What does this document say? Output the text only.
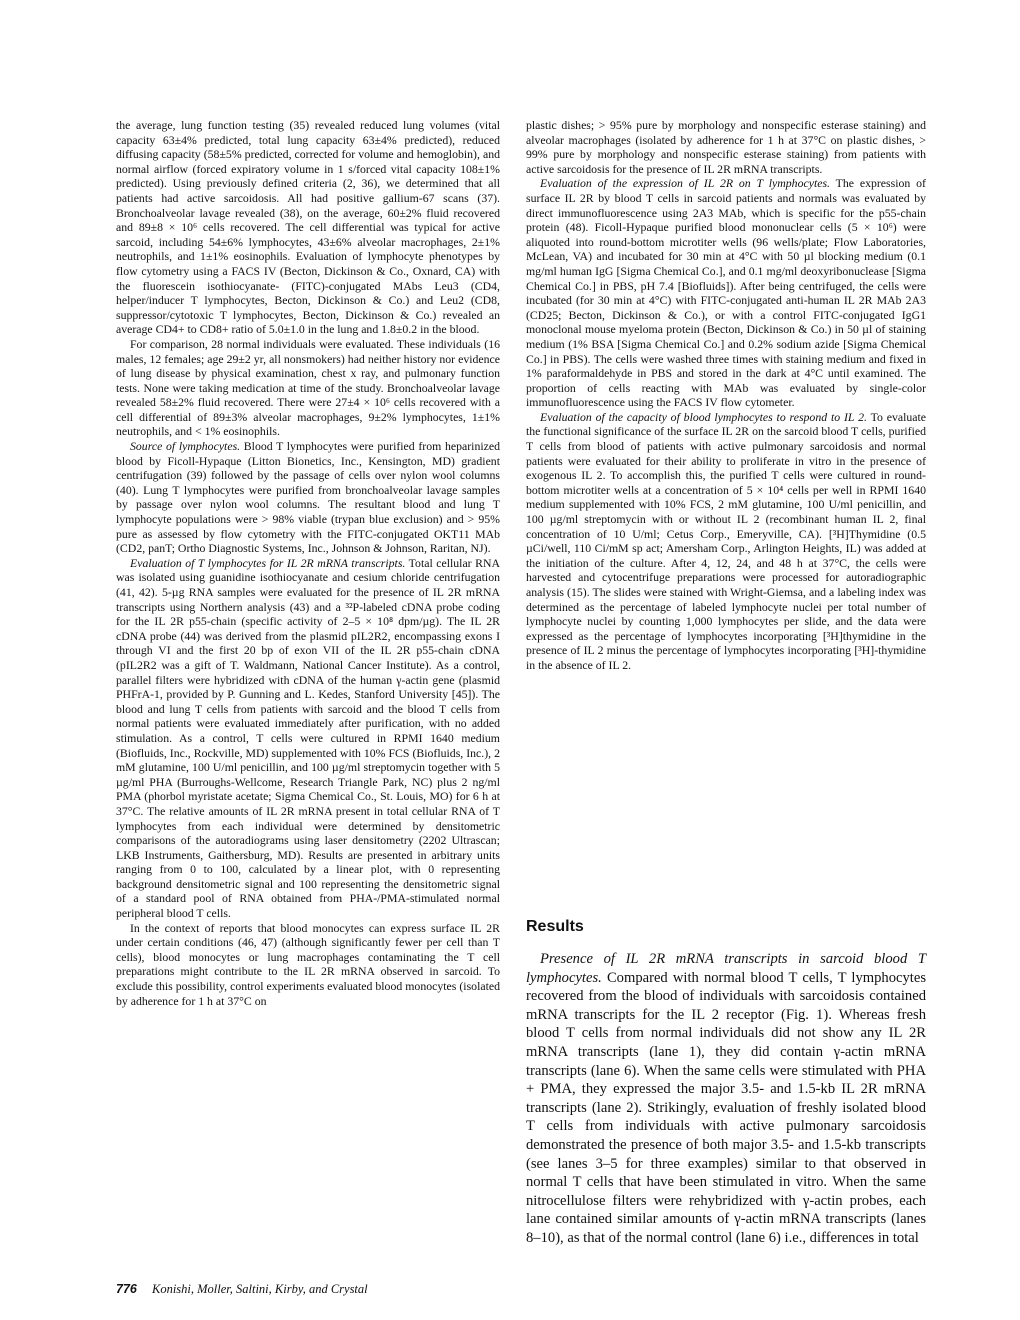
the average, lung function testing (35) revealed reduced lung volumes (vital capacity 63±4% predicted, total lung capacity 63±4% predicted), reduced diffusing capacity (58±5% predicted, corrected for volume and hemoglobin), and normal airflow (forced expiratory volume in 1 s/forced vital capacity 108±1% predicted). Using previously defined criteria (2, 36), we determined that all patients had active sarcoidosis. All had positive gallium-67 scans (37). Bronchoalveolar lavage revealed (38), on the average, 60±2% fluid recovered and 89±8 × 10⁶ cells recovered. The cell differential was typical for active sarcoid, including 54±6% lymphocytes, 43±6% alveolar macrophages, 2±1% neutrophils, and 1±1% eosinophils. Evaluation of lymphocyte phenotypes by flow cytometry using a FACS IV (Becton, Dickinson & Co., Oxnard, CA) with the fluorescein isothiocyanate- (FITC)-conjugated MAbs Leu3 (CD4, helper/inducer T lymphocytes, Becton, Dickinson & Co.) and Leu2 (CD8, suppressor/cytotoxic T lymphocytes, Becton, Dickinson & Co.) revealed an average CD4+ to CD8+ ratio of 5.0±1.0 in the lung and 1.8±0.2 in the blood.

For comparison, 28 normal individuals were evaluated. These individuals (16 males, 12 females; age 29±2 yr, all nonsmokers) had neither history nor evidence of lung disease by physical examination, chest x ray, and pulmonary function tests. None were taking medication at time of the study. Bronchoalveolar lavage revealed 58±2% fluid recovered. There were 27±4 × 10⁶ cells recovered with a cell differential of 89±3% alveolar macrophages, 9±2% lymphocytes, 1±1% neutrophils, and < 1% eosinophils.

Source of lymphocytes. Blood T lymphocytes were purified from heparinized blood by Ficoll-Hypaque (Litton Bionetics, Inc., Kensington, MD) gradient centrifugation (39) followed by the passage of cells over nylon wool columns (40). Lung T lymphocytes were purified from bronchoalveolar lavage samples by passage over nylon wool columns. The resultant blood and lung T lymphocyte populations were > 98% viable (trypan blue exclusion) and > 95% pure as assessed by flow cytometry with the FITC-conjugated OKT11 MAb (CD2, panT; Ortho Diagnostic Systems, Inc., Johnson & Johnson, Raritan, NJ).

Evaluation of T lymphocytes for IL 2R mRNA transcripts. Total cellular RNA was isolated using guanidine isothiocyanate and cesium chloride centrifugation (41, 42). 5-µg RNA samples were evaluated for the presence of IL 2R mRNA transcripts using Northern analysis (43) and a ³²P-labeled cDNA probe coding for the IL 2R p55-chain (specific activity of 2–5 × 10⁸ dpm/µg). The IL 2R cDNA probe (44) was derived from the plasmid pIL2R2, encompassing exons I through VI and the first 20 bp of exon VII of the IL 2R p55-chain cDNA (pIL2R2 was a gift of T. Waldmann, National Cancer Institute). As a control, parallel filters were hybridized with cDNA of the human γ-actin gene (plasmid PHFrA-1, provided by P. Gunning and L. Kedes, Stanford University [45]). The blood and lung T cells from patients with sarcoid and the blood T cells from normal patients were evaluated immediately after purification, with no added stimulation. As a control, T cells were cultured in RPMI 1640 medium (Biofluids, Inc., Rockville, MD) supplemented with 10% FCS (Biofluids, Inc.), 2 mM glutamine, 100 U/ml penicillin, and 100 µg/ml streptomycin together with 5 µg/ml PHA (Burroughs-Wellcome, Research Triangle Park, NC) plus 2 ng/ml PMA (phorbol myristate acetate; Sigma Chemical Co., St. Louis, MO) for 6 h at 37°C. The relative amounts of IL 2R mRNA present in total cellular RNA of T lymphocytes from each individual were determined by densitometric comparisons of the autoradiograms using laser densitometry (2202 Ultrascan; LKB Instruments, Gaithersburg, MD). Results are presented in arbitrary units ranging from 0 to 100, calculated by a linear plot, with 0 representing background densitometric signal and 100 representing the densitometric signal of a standard pool of RNA obtained from PHA-/PMA-stimulated normal peripheral blood T cells.

In the context of reports that blood monocytes can express surface IL 2R under certain conditions (46, 47) (although significantly fewer per cell than T cells), blood monocytes or lung macrophages contaminating the T cell preparations might contribute to the IL 2R mRNA observed in sarcoid. To exclude this possibility, control experiments evaluated blood monocytes (isolated by adherence for 1 h at 37°C on

plastic dishes; > 95% pure by morphology and nonspecific esterase staining) and alveolar macrophages (isolated by adherence for 1 h at 37°C on plastic dishes, > 99% pure by morphology and nonspecific esterase staining) from patients with active sarcoidosis for the presence of IL 2R mRNA transcripts.

Evaluation of the expression of IL 2R on T lymphocytes. The expression of surface IL 2R by blood T cells in sarcoid patients and normals was evaluated by direct immunofluorescence using 2A3 MAb, which is specific for the p55-chain protein (48). Ficoll-Hypaque purified blood mononuclear cells (5 × 10⁶) were aliquoted into round-bottom microtiter wells (96 wells/plate; Flow Laboratories, McLean, VA) and incubated for 30 min at 4°C with 50 µl blocking medium (0.1 mg/ml human IgG [Sigma Chemical Co.], and 0.1 mg/ml deoxyribonuclease [Sigma Chemical Co.] in PBS, pH 7.4 [Biofluids]). After being centrifuged, the cells were incubated (for 30 min at 4°C) with FITC-conjugated anti-human IL 2R MAb 2A3 (CD25; Becton, Dickinson & Co.), or with a control FITC-conjugated IgG1 monoclonal mouse myeloma protein (Becton, Dickinson & Co.) in 50 µl of staining medium (1% BSA [Sigma Chemical Co.] and 0.2% sodium azide [Sigma Chemical Co.] in PBS). The cells were washed three times with staining medium and fixed in 1% paraformaldehyde in PBS and stored in the dark at 4°C until examined. The proportion of cells reacting with MAb was evaluated by single-color immunofluorescence using the FACS IV flow cytometer.

Evaluation of the capacity of blood lymphocytes to respond to IL 2. To evaluate the functional significance of the surface IL 2R on the sarcoid blood T cells, purified T cells from blood of patients with active pulmonary sarcoidosis and normal patients were evaluated for their ability to proliferate in vitro in the presence of exogenous IL 2. To accomplish this, the purified T cells were cultured in round-bottom microtiter wells at a concentration of 5 × 10⁴ cells per well in RPMI 1640 medium supplemented with 10% FCS, 2 mM glutamine, 100 U/ml penicillin, and 100 µg/ml streptomycin with or without IL 2 (recombinant human IL 2, final concentration of 10 U/ml; Cetus Corp., Emeryville, CA). [³H]Thymidine (0.5 µCi/well, 110 Ci/mM sp act; Amersham Corp., Arlington Heights, IL) was added at the initiation of the culture. After 4, 12, 24, and 48 h at 37°C, the cells were harvested and cytocentrifuge preparations were processed for autoradiographic analysis (15). The slides were stained with Wright-Giemsa, and a labeling index was determined as the percentage of labeled lymphocyte nuclei per total number of lymphocyte nuclei by counting 1,000 lymphocytes per slide, and the data were expressed as the percentage of lymphocytes incorporating [³H]thymidine in the presence of IL 2 minus the percentage of lymphocytes incorporating [³H]-thymidine in the absence of IL 2.

Results

Presence of IL 2R mRNA transcripts in sarcoid blood T lymphocytes. Compared with normal blood T cells, T lymphocytes recovered from the blood of individuals with sarcoidosis contained mRNA transcripts for the IL 2 receptor (Fig. 1). Whereas fresh blood T cells from normal individuals did not show any IL 2R mRNA transcripts (lane 1), they did contain γ-actin mRNA transcripts (lane 6). When the same cells were stimulated with PHA + PMA, they expressed the major 3.5- and 1.5-kb IL 2R mRNA transcripts (lane 2). Strikingly, evaluation of freshly isolated blood T cells from individuals with active pulmonary sarcoidosis demonstrated the presence of both major 3.5- and 1.5-kb transcripts (see lanes 3–5 for three examples) similar to that observed in normal T cells that have been stimulated in vitro. When the same nitrocellulose filters were rehybridized with γ-actin probes, each lane contained similar amounts of γ-actin mRNA transcripts (lanes 8–10), as that of the normal control (lane 6) i.e., differences in total

776 Konishi, Moller, Saltini, Kirby, and Crystal
